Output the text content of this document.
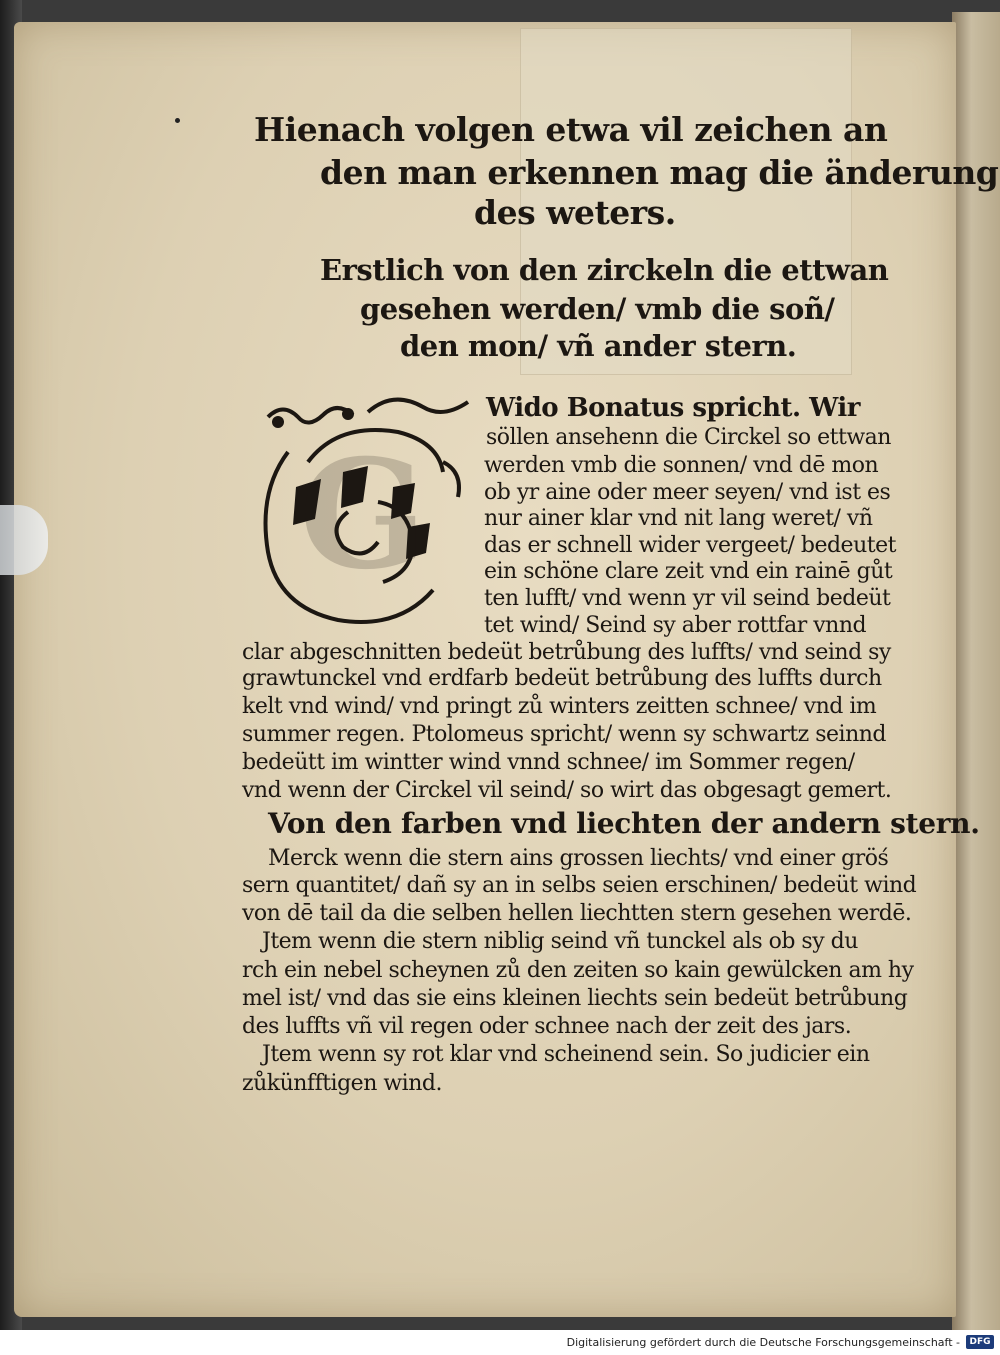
Hienach volgen etwa vil zeichen an
den man erkennen mag die änderung
des weters.
Erstlich von den zirckeln die ettwan
gesehen werden/ vmb die soñ/
den mon/ vñ ander stern.
G
Wido Bonatus spricht. Wir
söllen ansehenn die Circkel so ettwan
werden vmb die sonnen/ vnd dē mon
ob yr aine oder meer seyen/ vnd ist es
nur ainer klar vnd nit lang weret/ vñ
das er schnell wider vergeet/ bedeutet
ein schöne clare zeit vnd ein rainē gůt
ten lufft/ vnd wenn yr vil seind bedeüt
tet wind/ Seind sy aber rottfar vnnd
clar abgeschnitten bedeüt betrůbung des luffts/ vnd seind sy
grawtunckel vnd erdfarb bedeüt betrůbung des luffts durch
kelt vnd wind/ vnd pringt zů winters zeitten schnee/ vnd im
summer regen. Ptolomeus spricht/ wenn sy schwartz seinnd
bedeütt im wintter wind vnnd schnee/ im Sommer regen/
vnd wenn der Circkel vil seind/ so wirt das obgesagt gemert.
Von den farben vnd liechten der andern stern.
Merck wenn die stern ains grossen liechts/ vnd einer gröś
sern quantitet/ dañ sy an in selbs seien erschinen/ bedeüt wind
von dē tail da die selben hellen liechtten stern gesehen werdē.
Jtem wenn die stern niblig seind vñ tunckel als ob sy du
rch ein nebel scheynen zů den zeiten so kain gewülcken am hy
mel ist/ vnd das sie eins kleinen liechts sein bedeüt betrůbung
des luffts vñ vil regen oder schnee nach der zeit des jars.
Jtem wenn sy rot klar vnd scheinend sein. So judicier ein
zůkünfftigen wind.
Digitalisierung gefördert durch die Deutsche Forschungsgemeinschaft -	DFG
